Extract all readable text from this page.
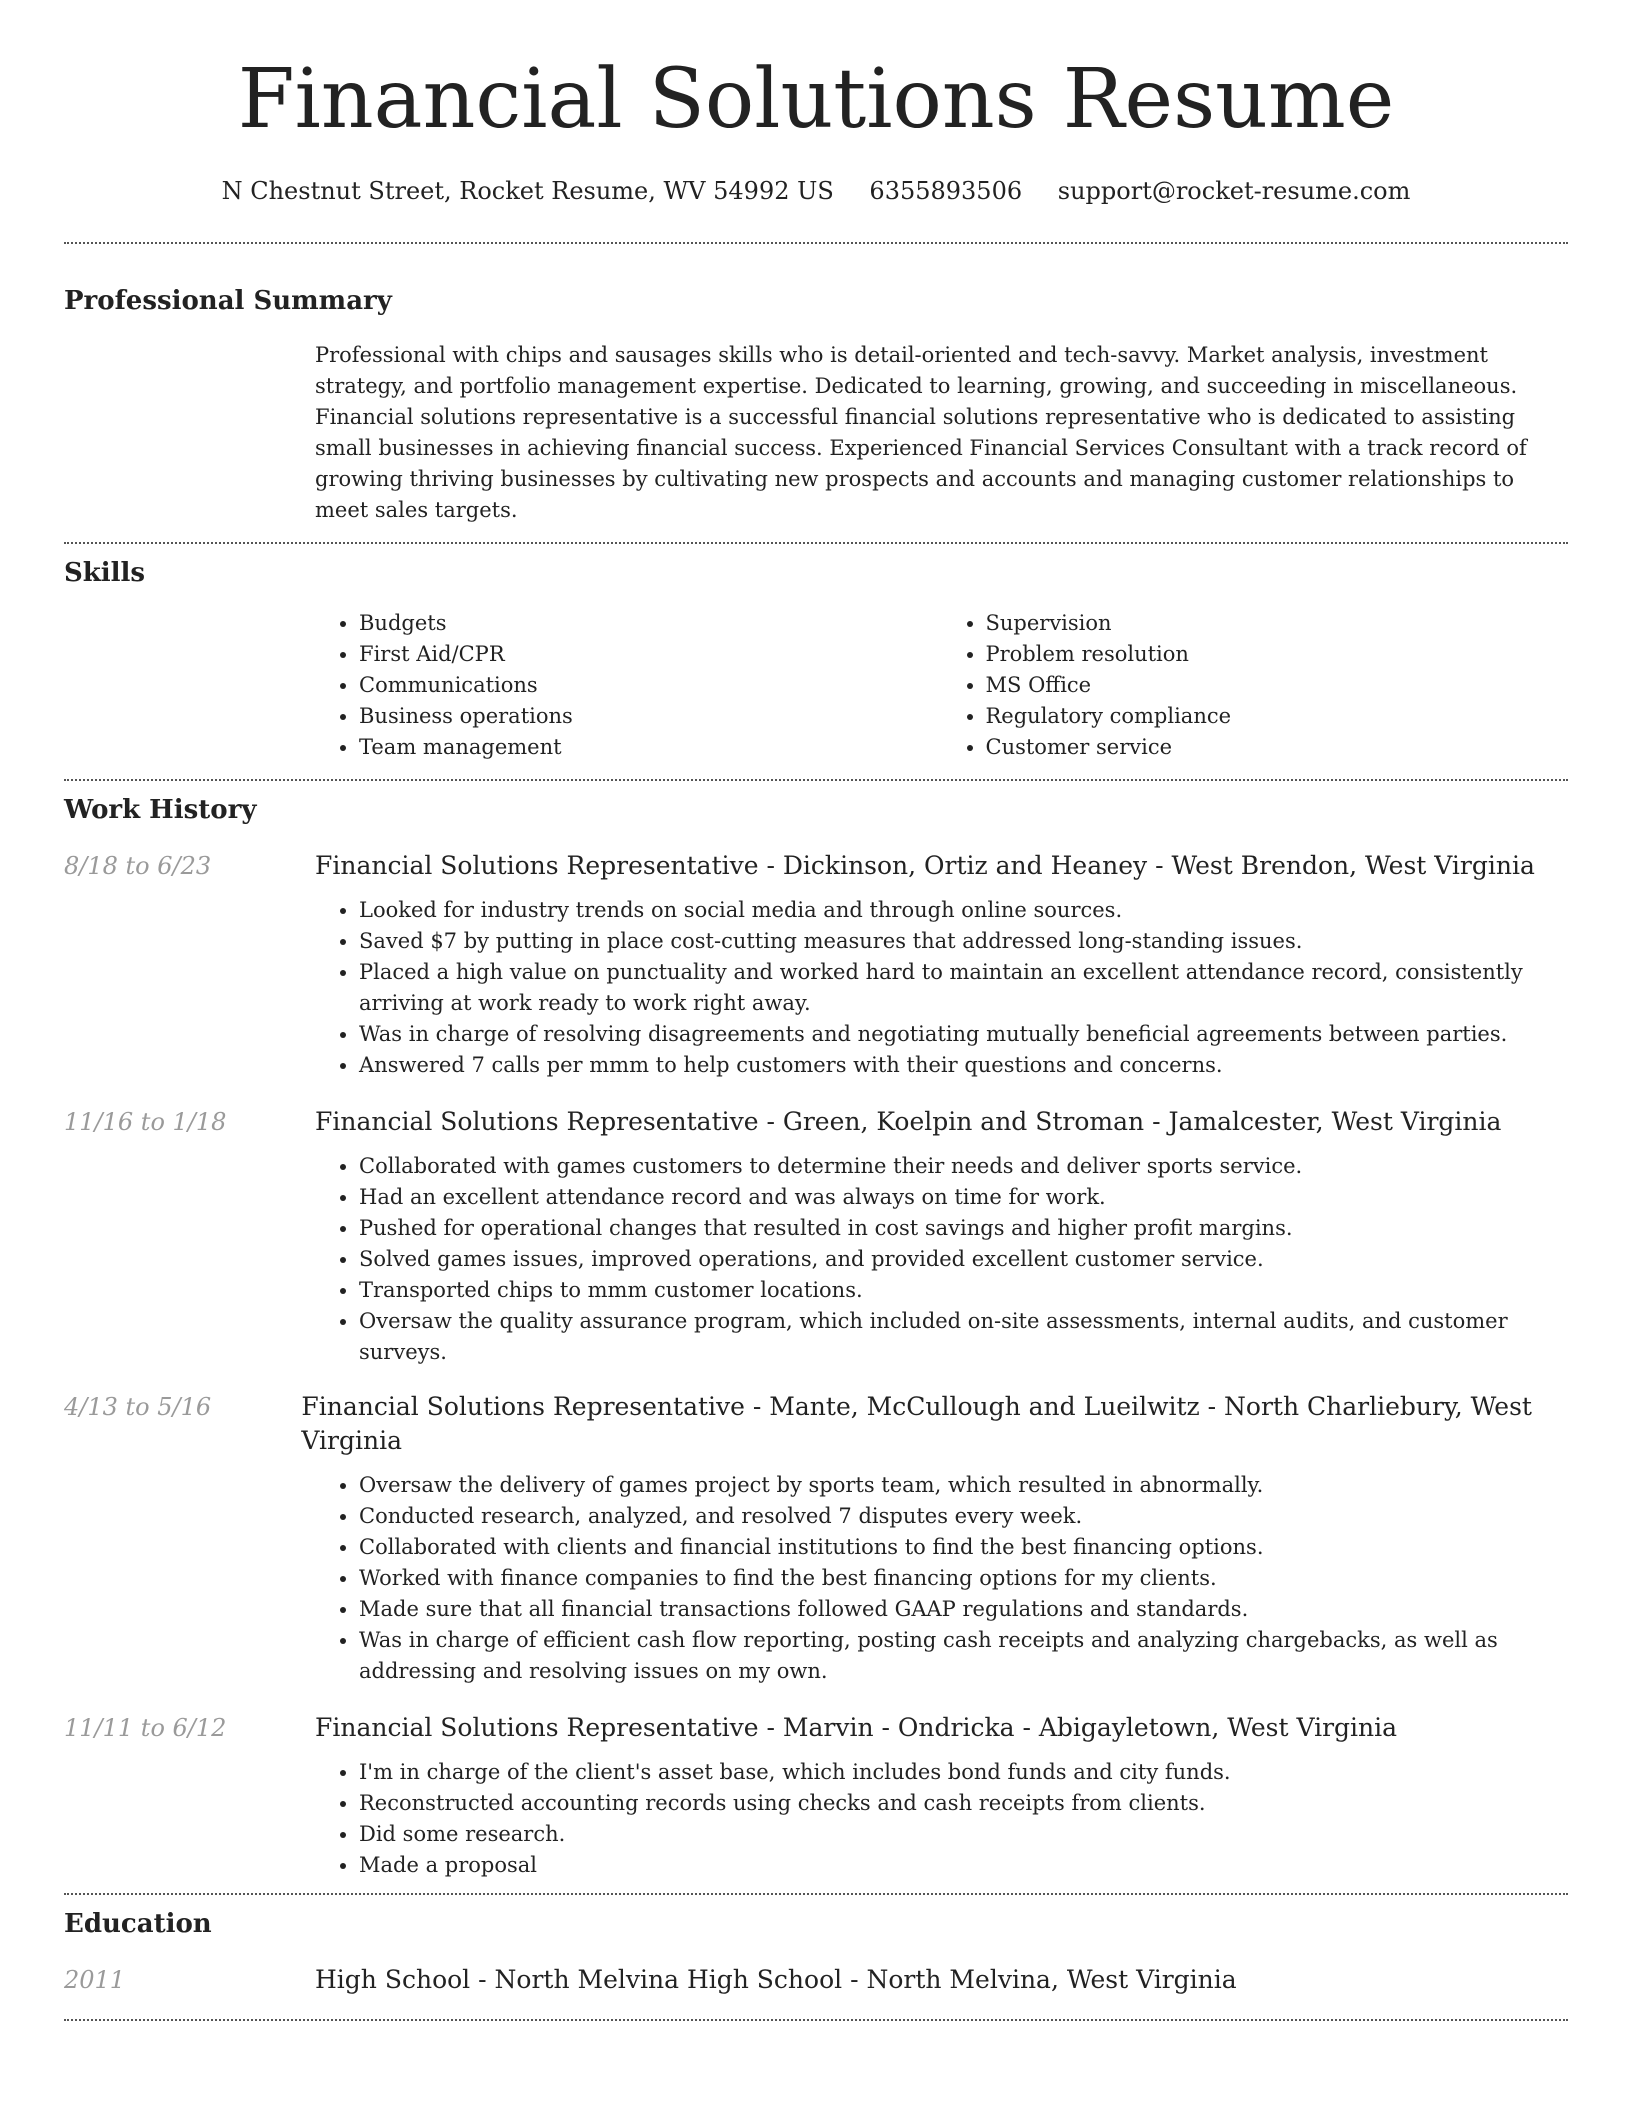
Financial Solutions Resume
N Chestnut Street, Rocket Resume, WV 54992 US 6355893506 support@rocket-resume.com
Professional Summary

Professional with chips and sausages skills who is detail-oriented and tech-savvy. Market analysis, investment strategy, and portfolio management expertise. Dedicated to learning, growing, and succeeding in miscellaneous. Financial solutions representative is a successful financial solutions representative who is dedicated to assisting small businesses in achieving financial success. Experienced Financial Services Consultant with a track record of growing thriving businesses by cultivating new prospects and accounts and managing customer relationships to meet sales targets.

Skills
• Budgets
• First Aid/CPR
• Communications
• Business operations
• Team management
• Supervision
• Problem resolution
• MS Office
• Regulatory compliance
• Customer service
Work History
8/18 to 6/23	Financial Solutions Representative - Dickinson, Ortiz and Heaney - West Brendon, West Virginia
• Looked for industry trends on social media and through online sources.
• Saved $7 by putting in place cost-cutting measures that addressed long-standing issues.
• Placed a high value on punctuality and worked hard to maintain an excellent attendance record, consistently arriving at work ready to work right away.
• Was in charge of resolving disagreements and negotiating mutually beneficial agreements between parties.
• Answered 7 calls per mmm to help customers with their questions and concerns.
11/16 to 1/18	Financial Solutions Representative - Green, Koelpin and Stroman - Jamalcester, West Virginia
• Collaborated with games customers to determine their needs and deliver sports service.
• Had an excellent attendance record and was always on time for work.
• Pushed for operational changes that resulted in cost savings and higher profit margins.
• Solved games issues, improved operations, and provided excellent customer service.
• Transported chips to mmm customer locations.
• Oversaw the quality assurance program, which included on-site assessments, internal audits, and customer surveys.
4/13 to 5/16	Financial Solutions Representative - Mante, McCullough and Lueilwitz - North Charliebury, West Virginia
• Oversaw the delivery of games project by sports team, which resulted in abnormally.
• Conducted research, analyzed, and resolved 7 disputes every week.
• Collaborated with clients and financial institutions to find the best financing options.
• Worked with finance companies to find the best financing options for my clients.
• Made sure that all financial transactions followed GAAP regulations and standards.
• Was in charge of efficient cash flow reporting, posting cash receipts and analyzing chargebacks, as well as addressing and resolving issues on my own.
11/11 to 6/12	Financial Solutions Representative - Marvin - Ondricka - Abigayletown, West Virginia
• I'm in charge of the client's asset base, which includes bond funds and city funds.
• Reconstructed accounting records using checks and cash receipts from clients.
• Did some research.
• Made a proposal
Education
2011	High School - North Melvina High School - North Melvina, West Virginia
